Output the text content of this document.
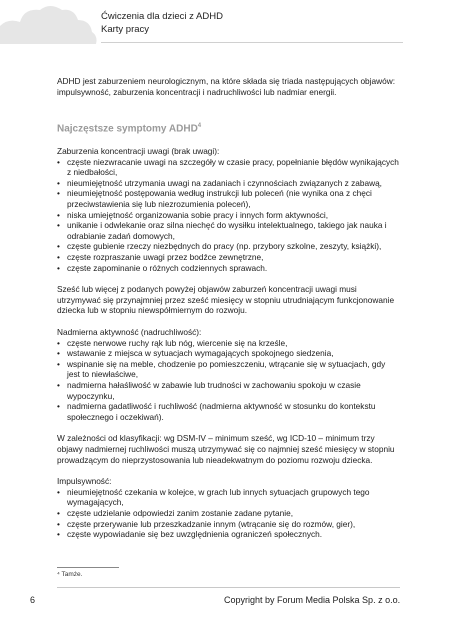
Ćwiczenia dla dzieci z ADHD
Karty pracy

ADHD jest zaburzeniem neurologicznym, na które składa się triada następujących objawów: impulsywność, zaburzenia koncentracji i nadruchliwości lub nadmiar energii.

Najczęstsze symptomy ADHD$^4$

Zaburzenia koncentracji uwagi (brak uwagi):

• częste niezwracanie uwagi na szczegóły w czasie pracy, popełnianie błędów wynikających z niedbałości,
• nieumiejętność utrzymania uwagi na zadaniach i czynnościach związanych z zabawą,
• nieumiejętność postępowania według instrukcji lub poleceń (nie wynika ona z chęci przeciwstawienia się lub niezrozumienia poleceń),
• niska umiejętność organizowania sobie pracy i innych form aktywności,
• unikanie i odwlekanie oraz silna niechęć do wysiłku intelektualnego, takiego jak nauka i odrabianie zadań domowych,
• częste gubienie rzeczy niezbędnych do pracy (np. przybory szkolne, zeszyty, książki),
• częste rozpraszanie uwagi przez bodźce zewnętrzne,
• częste zapominanie o różnych codziennych sprawach.

Sześć lub więcej z podanych powyżej objawów zaburzeń koncentracji uwagi musi utrzymywać się przynajmniej przez sześć miesięcy w stopniu utrudniającym funkcjonowanie dziecka lub w stopniu niewspółmiernym do rozwoju.

Nadmierna aktywność (nadruchliwość):

• częste nerwowe ruchy rąk lub nóg, wiercenie się na krześle,
• wstawanie z miejsca w sytuacjach wymagających spokojnego siedzenia,
• wspinanie się na meble, chodzenie po pomieszczeniu, wtrącanie się w sytuacjach, gdy jest to niewłaściwe,
• nadmierna hałaśliwość w zabawie lub trudności w zachowaniu spokoju w czasie wypoczynku,
• nadmierna gadatliwość i ruchliwość (nadmierna aktywność w stosunku do kontekstu społecznego i oczekiwań).

W zależności od klasyfikacji: wg DSM-IV – minimum sześć, wg ICD-10 – minimum trzy objawy nadmiernej ruchliwości muszą utrzymywać się co najmniej sześć miesięcy w stopniu prowadzącym do nieprzystosowania lub nieadekwatnym do poziomu rozwoju dziecka.

Impulsywność:

• nieumiejętność czekania w kolejce, w grach lub innych sytuacjach grupowych tego wymagających,
• częste udzielanie odpowiedzi zanim zostanie zadane pytanie,
• częste przerywanie lub przeszkadzanie innym (wtrącanie się do rozmów, gier),
• częste wypowiadanie się bez uwzględnienia ograniczeń społecznych.
⁴ Tamże.
6	Copyright by Forum Media Polska Sp. z o.o.
